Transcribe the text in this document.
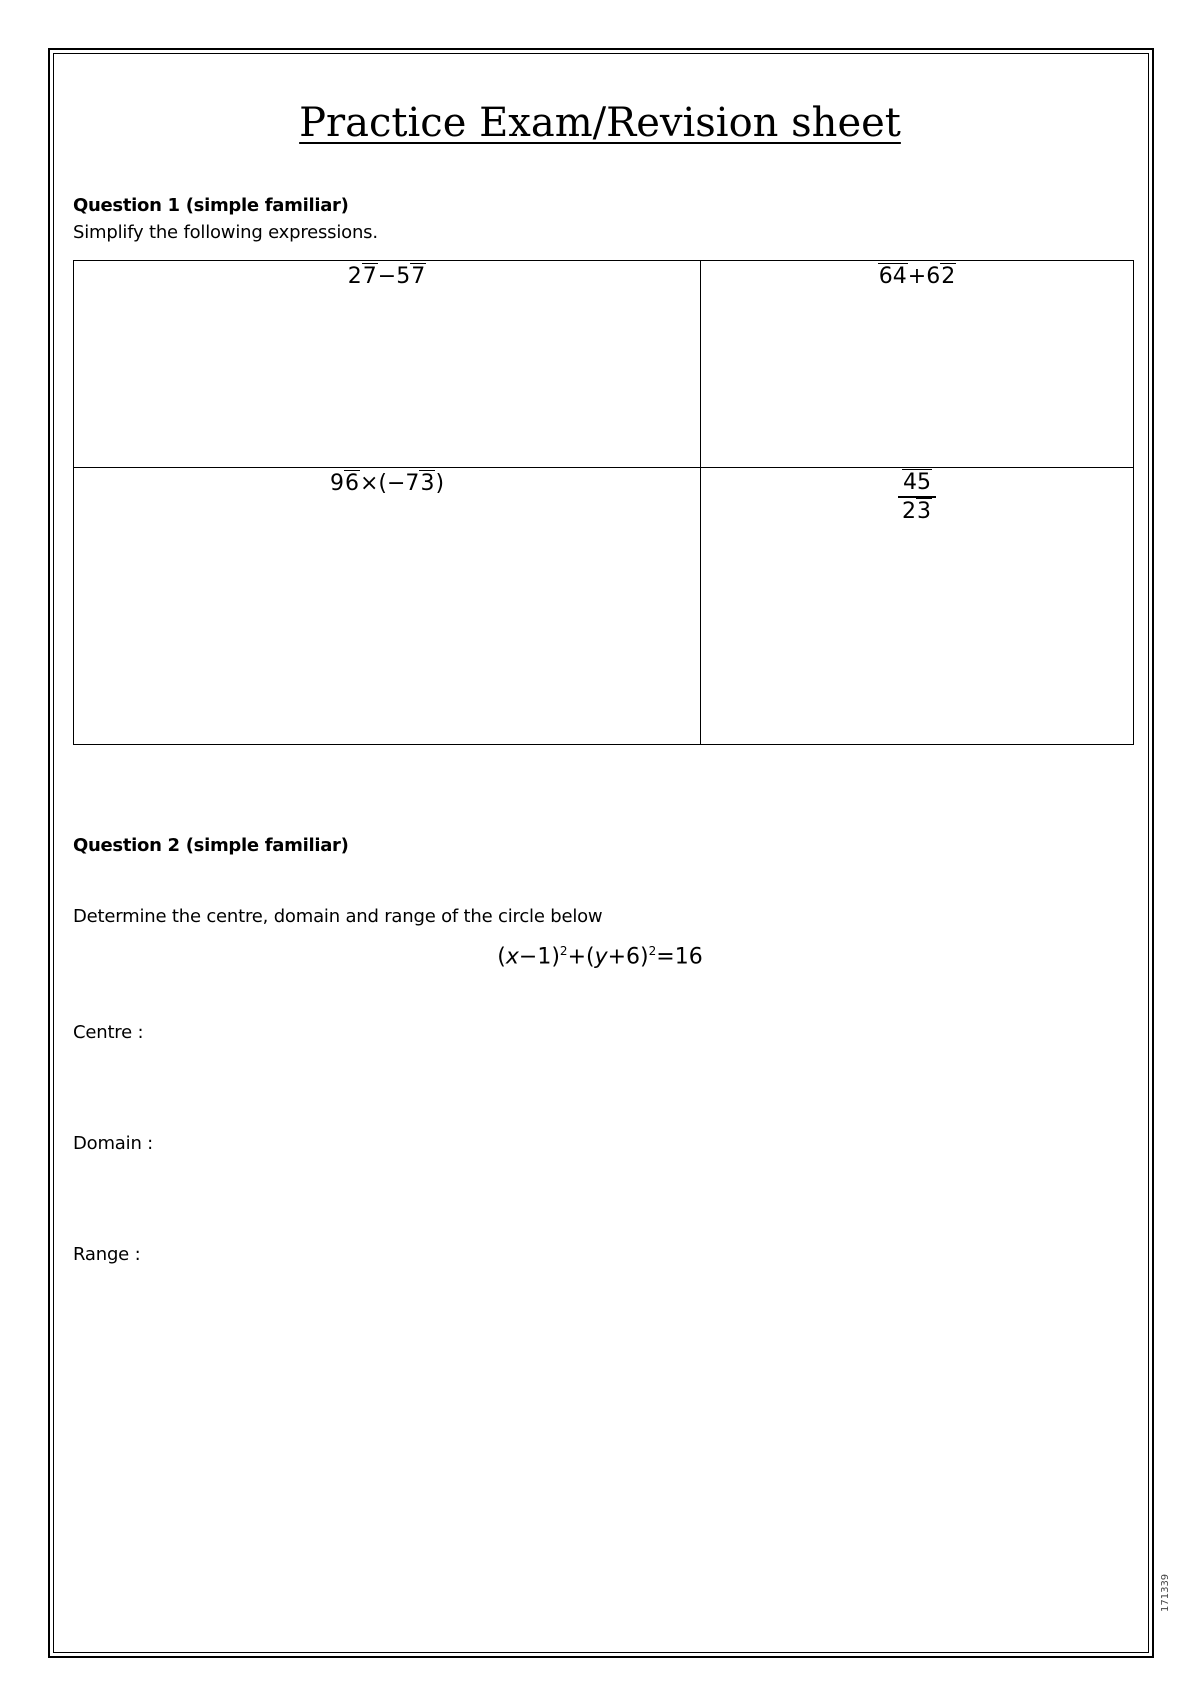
Practice Exam/Revision sheet
Question 1 (simple familiar)
Simplify the following expressions.
27−57	64+62
96×(−73)	$\frac{45}{23}$
Question 2 (simple familiar)
Determine the centre, domain and range of the circle below
$(x-1)^2+(y+6)^2=16$
Centre :
Domain :
Range :
171339
